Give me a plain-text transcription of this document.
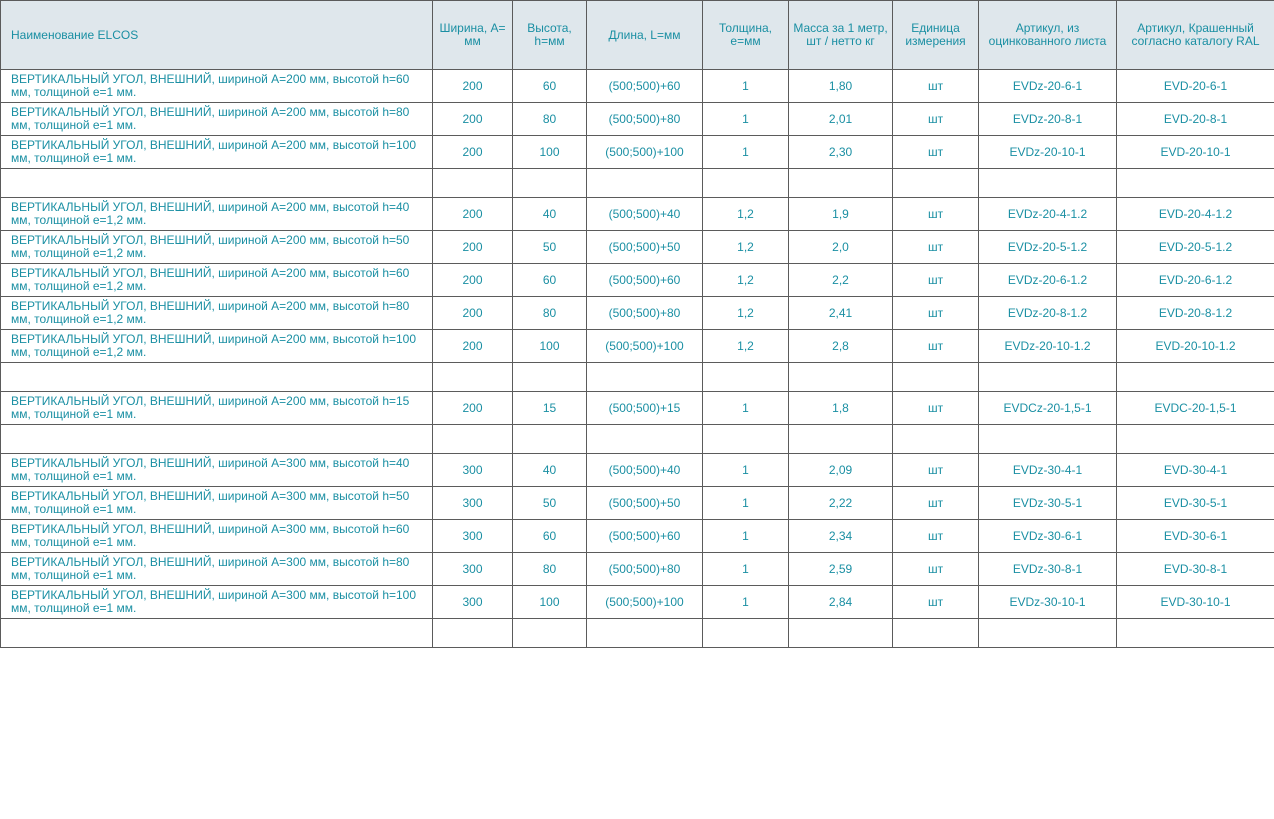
Наименование ELCOS	Ширина, A= мм	Высота, h=мм	Длина, L=мм	Толщина, e=мм	Масса за 1 метр, шт / нетто кг	Единица измерения	Артикул, из оцинкованного листа	Артикул, Крашенный согласно каталогу RAL
ВЕРТИКАЛЬНЫЙ УГОЛ, ВНЕШНИЙ, шириной A=200 мм, высотой h=60 мм, толщиной e=1 мм.	200	60	(500;500)+60	1	1,80	шт	EVDz-20-6-1	EVD-20-6-1
ВЕРТИКАЛЬНЫЙ УГОЛ, ВНЕШНИЙ, шириной A=200 мм, высотой h=80 мм, толщиной e=1 мм.	200	80	(500;500)+80	1	2,01	шт	EVDz-20-8-1	EVD-20-8-1
ВЕРТИКАЛЬНЫЙ УГОЛ, ВНЕШНИЙ, шириной A=200 мм, высотой h=100 мм, толщиной e=1 мм.	200	100	(500;500)+100	1	2,30	шт	EVDz-20-10-1	EVD-20-10-1

ВЕРТИКАЛЬНЫЙ УГОЛ, ВНЕШНИЙ, шириной A=200 мм, высотой h=40 мм, толщиной e=1,2 мм.	200	40	(500;500)+40	1,2	1,9	шт	EVDz-20-4-1.2	EVD-20-4-1.2
ВЕРТИКАЛЬНЫЙ УГОЛ, ВНЕШНИЙ, шириной A=200 мм, высотой h=50 мм, толщиной e=1,2 мм.	200	50	(500;500)+50	1,2	2,0	шт	EVDz-20-5-1.2	EVD-20-5-1.2
ВЕРТИКАЛЬНЫЙ УГОЛ, ВНЕШНИЙ, шириной A=200 мм, высотой h=60 мм, толщиной e=1,2 мм.	200	60	(500;500)+60	1,2	2,2	шт	EVDz-20-6-1.2	EVD-20-6-1.2
ВЕРТИКАЛЬНЫЙ УГОЛ, ВНЕШНИЙ, шириной A=200 мм, высотой h=80 мм, толщиной e=1,2 мм.	200	80	(500;500)+80	1,2	2,41	шт	EVDz-20-8-1.2	EVD-20-8-1.2
ВЕРТИКАЛЬНЫЙ УГОЛ, ВНЕШНИЙ, шириной A=200 мм, высотой h=100 мм, толщиной e=1,2 мм.	200	100	(500;500)+100	1,2	2,8	шт	EVDz-20-10-1.2	EVD-20-10-1.2

ВЕРТИКАЛЬНЫЙ УГОЛ, ВНЕШНИЙ, шириной A=200 мм, высотой h=15 мм, толщиной e=1 мм.	200	15	(500;500)+15	1	1,8	шт	EVDCz-20-1,5-1	EVDC-20-1,5-1

ВЕРТИКАЛЬНЫЙ УГОЛ, ВНЕШНИЙ, шириной A=300 мм, высотой h=40 мм, толщиной e=1 мм.	300	40	(500;500)+40	1	2,09	шт	EVDz-30-4-1	EVD-30-4-1
ВЕРТИКАЛЬНЫЙ УГОЛ, ВНЕШНИЙ, шириной A=300 мм, высотой h=50 мм, толщиной e=1 мм.	300	50	(500;500)+50	1	2,22	шт	EVDz-30-5-1	EVD-30-5-1
ВЕРТИКАЛЬНЫЙ УГОЛ, ВНЕШНИЙ, шириной A=300 мм, высотой h=60 мм, толщиной e=1 мм.	300	60	(500;500)+60	1	2,34	шт	EVDz-30-6-1	EVD-30-6-1
ВЕРТИКАЛЬНЫЙ УГОЛ, ВНЕШНИЙ, шириной A=300 мм, высотой h=80 мм, толщиной e=1 мм.	300	80	(500;500)+80	1	2,59	шт	EVDz-30-8-1	EVD-30-8-1
ВЕРТИКАЛЬНЫЙ УГОЛ, ВНЕШНИЙ, шириной A=300 мм, высотой h=100 мм, толщиной e=1 мм.	300	100	(500;500)+100	1	2,84	шт	EVDz-30-10-1	EVD-30-10-1
